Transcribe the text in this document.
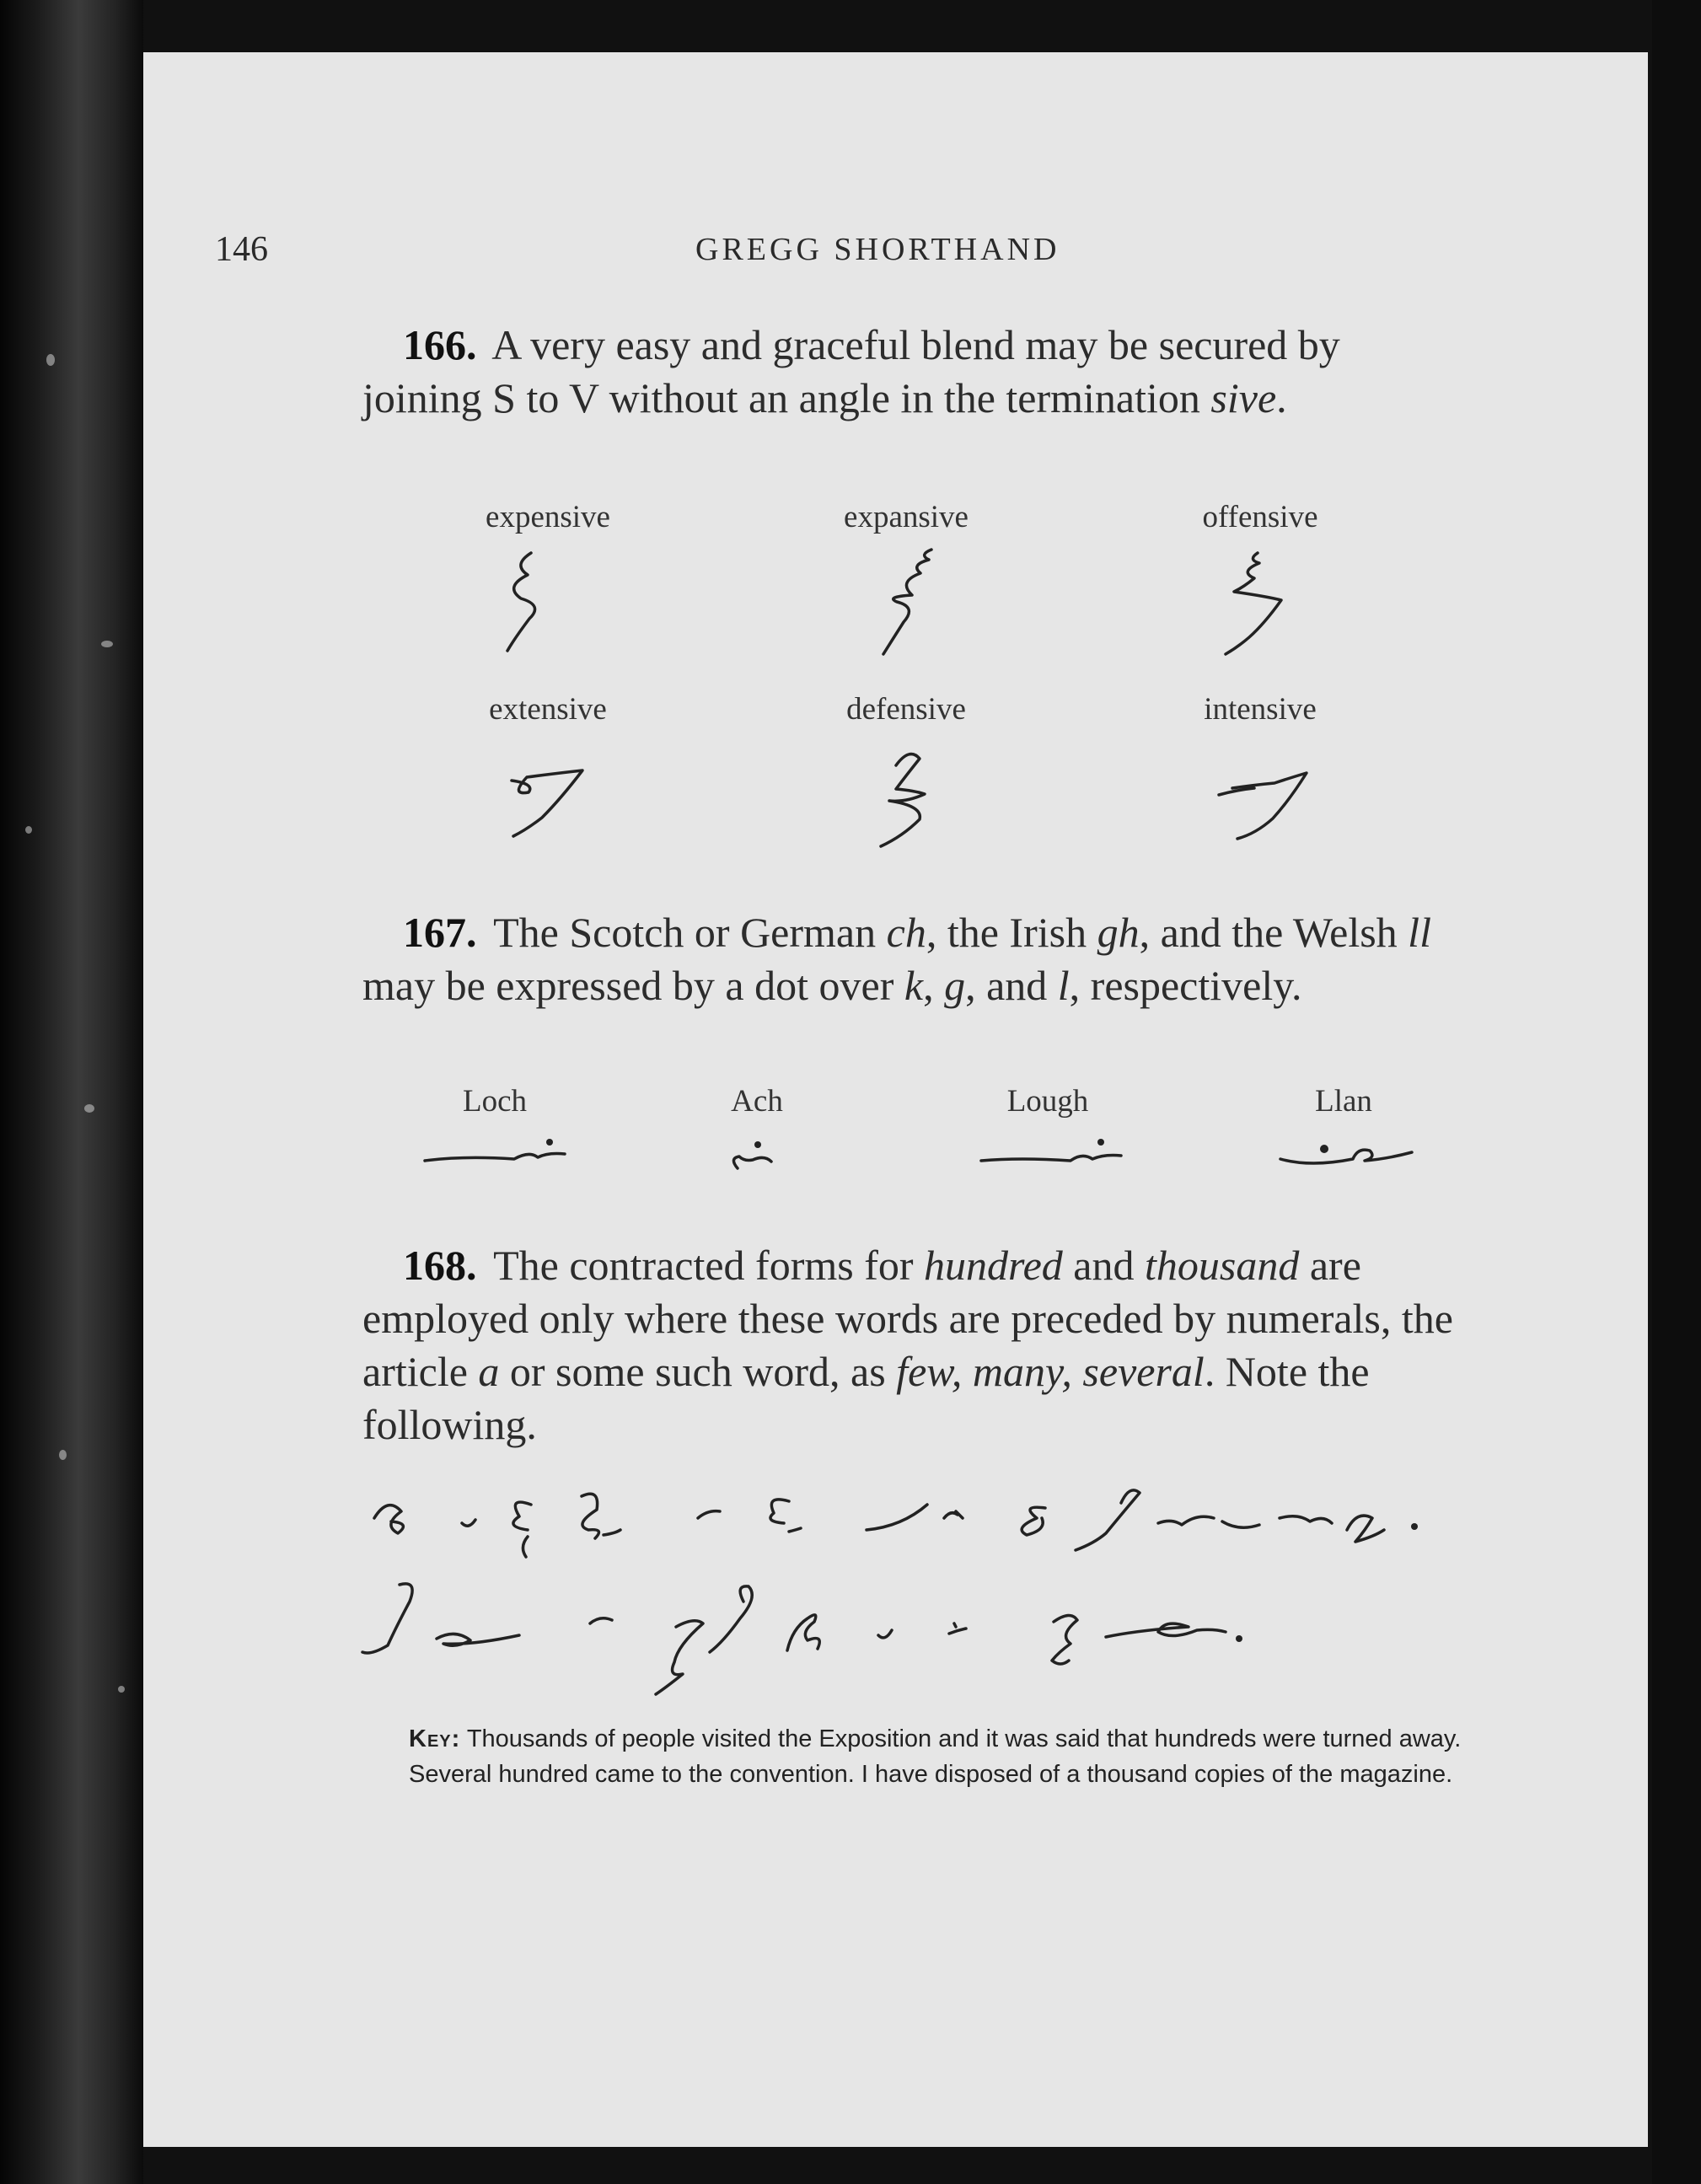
146	GREGG SHORTHAND
166. A very easy and graceful blend may be secured by joining S to V without an angle in the termination sive.
expensive	expansive	offensive
extensive	defensive	intensive
167. The Scotch or German ch, the Irish gh, and the Welsh ll may be expressed by a dot over k, g, and l, respectively.
Loch	Ach	Lough	Llan
168. The contracted forms for hundred and thousand are employed only where these words are preceded by numerals, the article a or some such word, as few, many, several. Note the following.

Key: Thousands of people visited the Exposition and it was said that hundreds were turned away.

Several hundred came to the convention. I have disposed of a thousand copies of the magazine.
